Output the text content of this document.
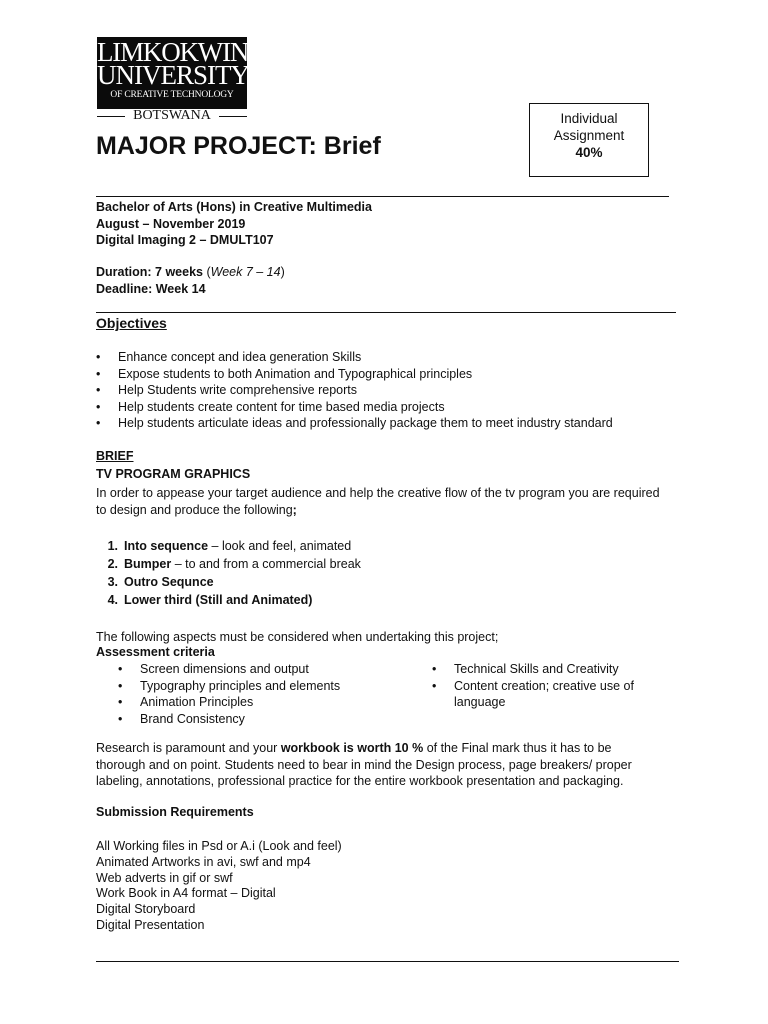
LIMKOKWING
UNIVERSITY
OF CREATIVE TECHNOLOGY
BOTSWANA
MAJOR PROJECT: Brief
Individual
Assignment
40%
Bachelor of Arts (Hons) in Creative Multimedia
August – November 2019
Digital Imaging 2 – DMULT107
Duration: 7 weeks (Week 7 – 14)
Deadline: Week 14
Objectives
• Enhance concept and idea generation Skills
• Expose students to both Animation and Typographical principles
• Help Students write comprehensive reports
• Help students create content for time based media projects
• Help students articulate ideas and professionally package them to meet industry standard
BRIEF
TV PROGRAM GRAPHICS
In order to appease your target audience and help the creative flow of the tv program you are required
to design and produce the following;
1. Into sequence – look and feel, animated
2. Bumper – to and from a commercial break
3. Outro Sequnce
4. Lower third (Still and Animated)
The following aspects must be considered when undertaking this project;
Assessment criteria
• Screen dimensions and output
• Typography principles and elements
• Animation Principles
• Brand Consistency
• Technical Skills and Creativity
• Content creation; creative use of
language
Research is paramount and your workbook is worth 10 % of the Final mark thus it has to be
thorough and on point. Students need to bear in mind the Design process, page breakers/ proper
labeling, annotations, professional practice for the entire workbook presentation and packaging.
Submission Requirements
All Working files in Psd or A.i (Look and feel)
Animated Artworks in avi, swf and mp4
Web adverts in gif or swf
Work Book in A4 format – Digital
Digital Storyboard
Digital Presentation
